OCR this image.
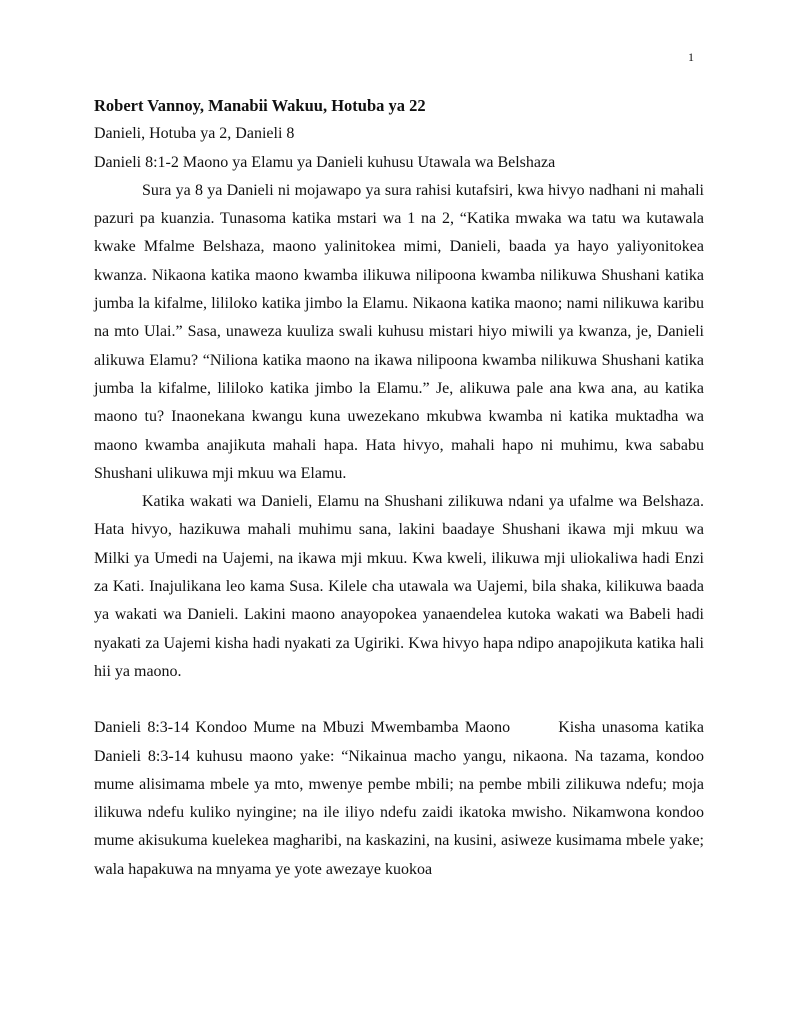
1

Robert Vannoy, Manabii Wakuu, Hotuba ya 22

Danieli, Hotuba ya 2, Danieli 8

Danieli 8:1-2 Maono ya Elamu ya Danieli kuhusu Utawala wa Belshaza

Sura ya 8 ya Danieli ni mojawapo ya sura rahisi kutafsiri, kwa hivyo nadhani ni mahali pazuri pa kuanzia. Tunasoma katika mstari wa 1 na 2, “Katika mwaka wa tatu wa kutawala kwake Mfalme Belshaza, maono yalinitokea mimi, Danieli, baada ya hayo yaliyonitokea kwanza. Nikaona katika maono kwamba ilikuwa nilipoona kwamba nilikuwa Shushani katika jumba la kifalme, lililoko katika jimbo la Elamu. Nikaona katika maono; nami nilikuwa karibu na mto Ulai.” Sasa, unaweza kuuliza swali kuhusu mistari hiyo miwili ya kwanza, je, Danieli alikuwa Elamu? “Niliona katika maono na ikawa nilipoona kwamba nilikuwa Shushani katika jumba la kifalme, lililoko katika jimbo la Elamu.” Je, alikuwa pale ana kwa ana, au katika maono tu? Inaonekana kwangu kuna uwezekano mkubwa kwamba ni katika muktadha wa maono kwamba anajikuta mahali hapa. Hata hivyo, mahali hapo ni muhimu, kwa sababu Shushani ulikuwa mji mkuu wa Elamu.

Katika wakati wa Danieli, Elamu na Shushani zilikuwa ndani ya ufalme wa Belshaza. Hata hivyo, hazikuwa mahali muhimu sana, lakini baadaye Shushani ikawa mji mkuu wa Milki ya Umedi na Uajemi, na ikawa mji mkuu. Kwa kweli, ilikuwa mji uliokaliwa hadi Enzi za Kati. Inajulikana leo kama Susa. Kilele cha utawala wa Uajemi, bila shaka, kilikuwa baada ya wakati wa Danieli. Lakini maono anayopokea yanaendelea kutoka wakati wa Babeli hadi nyakati za Uajemi kisha hadi nyakati za Ugiriki. Kwa hivyo hapa ndipo anapojikuta katika hali hii ya maono.

Danieli 8:3-14 Kondoo Mume na Mbuzi Mwembamba Maono	Kisha unasoma katika Danieli 8:3-14 kuhusu maono yake: “Nikainua macho yangu, nikaona. Na tazama, kondoo mume alisimama mbele ya mto, mwenye pembe mbili; na pembe mbili zilikuwa ndefu; moja ilikuwa ndefu kuliko nyingine; na ile iliyo ndefu zaidi ikatoka mwisho. Nikamwona kondoo mume akisukuma kuelekea magharibi, na kaskazini, na kusini, asiweze kusimama mbele yake; wala hapakuwa na mnyama ye yote awezaye kuokoa
